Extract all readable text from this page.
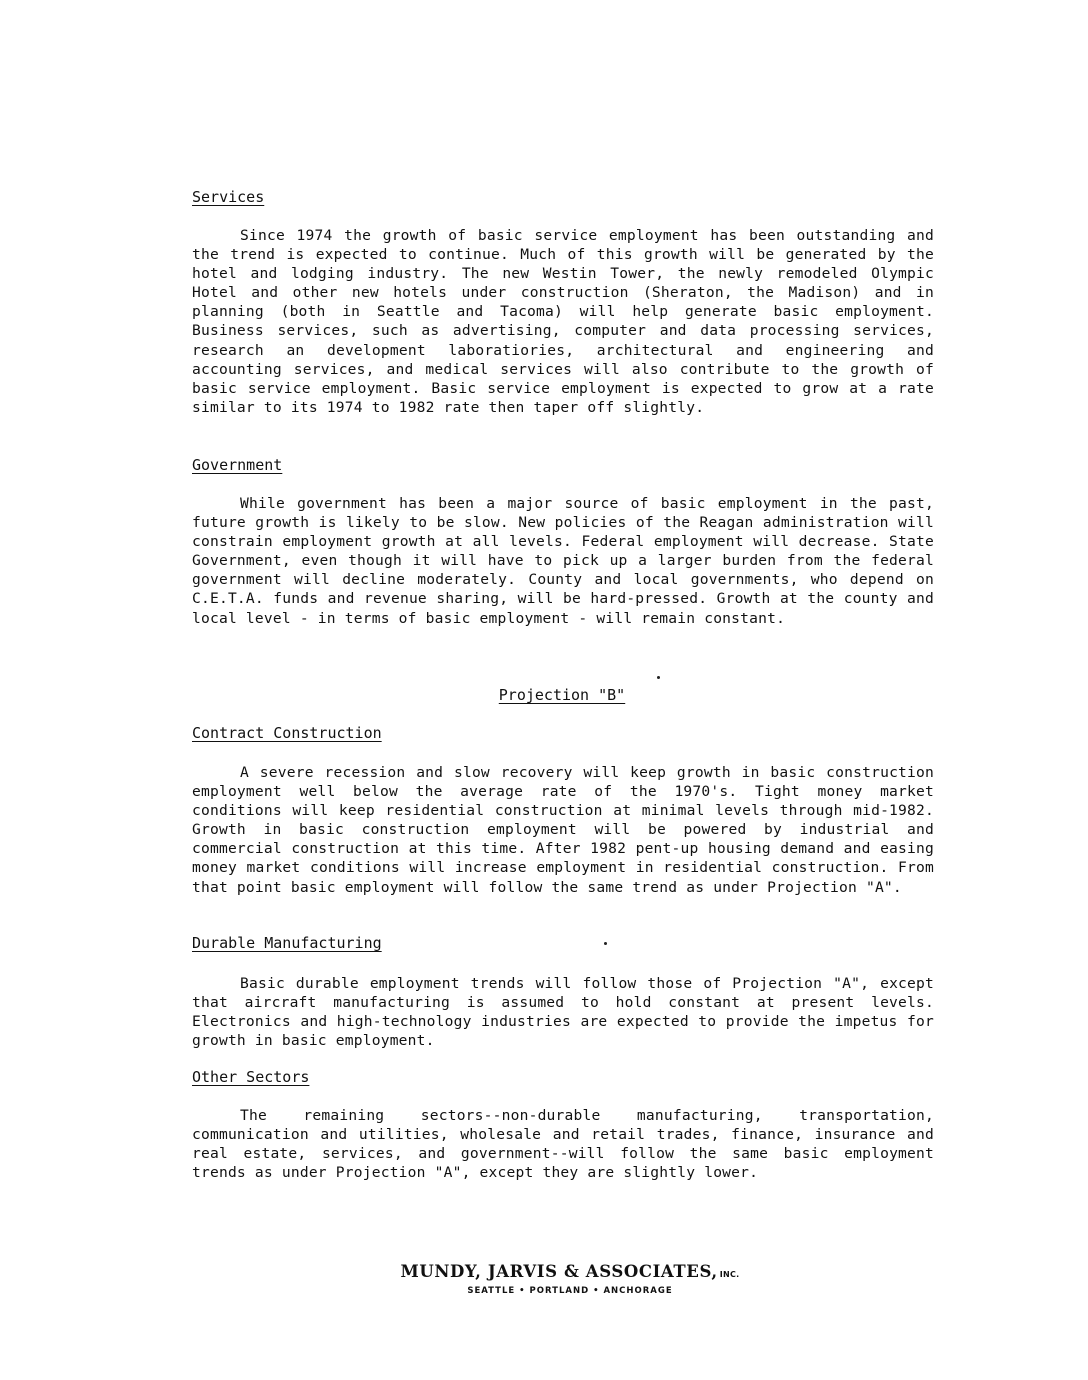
Services

Since 1974 the growth of basic service employment has been outstanding and the trend is expected to continue. Much of this growth will be generated by the hotel and lodging industry. The new Westin Tower, the newly remodeled Olympic Hotel and other new hotels under construction (Sheraton, the Madison) and in planning (both in Seattle and Tacoma) will help generate basic employment. Business services, such as advertising, computer and data processing services, research an development laboratiories, architectural and engineering and accounting services, and medical services will also contribute to the growth of basic service employment. Basic service employment is expected to grow at a rate similar to its 1974 to 1982 rate then taper off slightly.

Government

While government has been a major source of basic employment in the past, future growth is likely to be slow. New policies of the Reagan administration will constrain employment growth at all levels. Federal employment will decrease. State Government, even though it will have to pick up a larger burden from the federal government will decline moderately. County and local governments, who depend on C.E.T.A. funds and revenue sharing, will be hard-pressed. Growth at the county and local level - in terms of basic employment - will remain constant.

Projection "B"
Contract Construction

A severe recession and slow recovery will keep growth in basic construction employment well below the average rate of the 1970's. Tight money market conditions will keep residential construction at minimal levels through mid-1982. Growth in basic construction employment will be powered by industrial and commercial construction at this time. After 1982 pent-up housing demand and easing money market conditions will increase employment in residential construction. From that point basic employment will follow the same trend as under Projection "A".

Durable Manufacturing

Basic durable employment trends will follow those of Projection "A", except that aircraft manufacturing is assumed to hold constant at present levels. Electronics and high-technology industries are expected to provide the impetus for growth in basic employment.

Other Sectors

The remaining sectors--non-durable manufacturing, transportation, communication and utilities, wholesale and retail trades, finance, insurance and real estate, services, and government--will follow the same basic employment trends as under Projection "A", except they are slightly lower.

MUNDY, JARVIS & ASSOCIATES, INC.
SEATTLE • PORTLAND • ANCHORAGE
